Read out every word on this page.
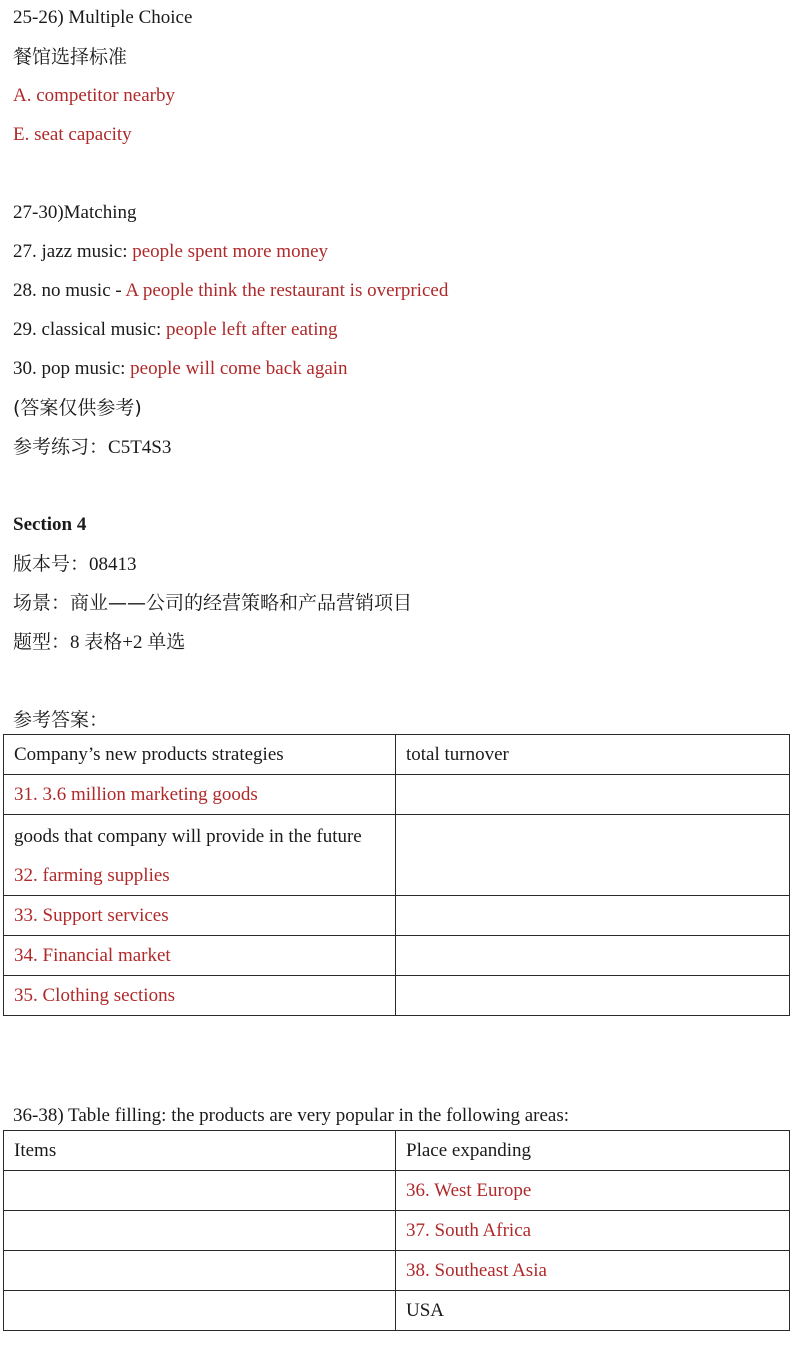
25-26) Multiple Choice
餐馆选择标准
A. competitor nearby
E. seat capacity
27-30)Matching
27. jazz music: people spent more money
28. no music - A people think the restaurant is overpriced
29. classical music: people left after eating
30. pop music: people will come back again
(答案仅供参考)
参考练习：C5T4S3
Section 4
版本号：08413
场景：商业——公司的经营策略和产品营销项目
题型：8 表格+2 单选
参考答案：
Company’s new products strategies	total turnover
31. 3.6 million marketing goods	

goods that company will provide in the future
32. farming supplies	

33. Support services	
34. Financial market	
35. Clothing sections	
36-38) Table filling: the products are very popular in the following areas:
Items	Place expanding
	36. West Europe
	37. South Africa
	38. Southeast Asia
	USA
